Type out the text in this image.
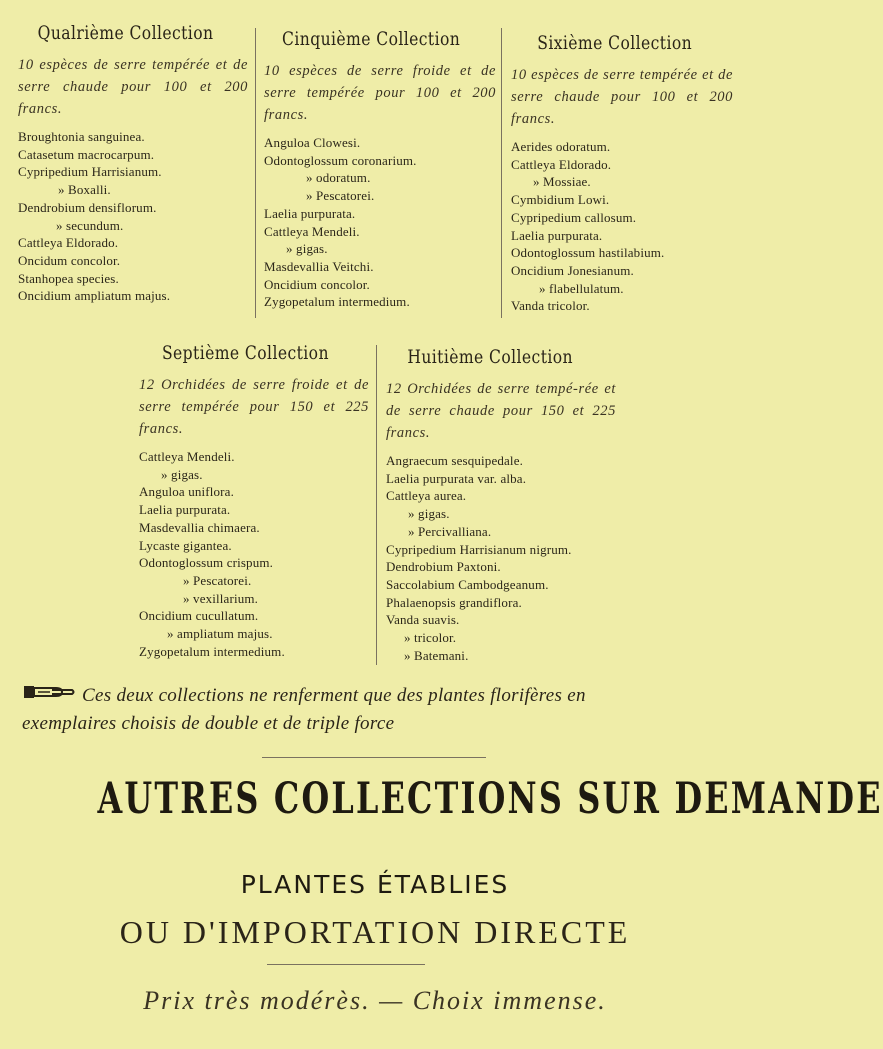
Qualrième Collection
10 espèces de serre tempérée et de serre chaude pour 100 et 200 francs.
Broughtonia sanguinea.
Catasetum macrocarpum.
Cypripedium Harrisianum.
» Boxalli.
Dendrobium densiflorum.
» secundum.
Cattleya Eldorado.
Oncidum concolor.
Stanhopea species.
Oncidium ampliatum majus.
Cinquième Collection
10 espèces de serre froide et de serre tempérée pour 100 et 200 francs.
Anguloa Clowesi.
Odontoglossum coronarium.
» odoratum.
» Pescatorei.
Laelia purpurata.
Cattleya Mendeli.
» gigas.
Masdevallia Veitchi.
Oncidium concolor.
Zygopetalum intermedium.
Sixième Collection
10 espèces de serre tempérée et de serre chaude pour 100 et 200 francs.
Aerides odoratum.
Cattleya Eldorado.
» Mossiae.
Cymbidium Lowi.
Cypripedium callosum.
Laelia purpurata.
Odontoglossum hastilabium.
Oncidium Jonesianum.
» flabellulatum.
Vanda tricolor.
Septième Collection
12 Orchidées de serre froide et de serre tempérée pour 150 et 225 francs.
Cattleya Mendeli.
» gigas.
Anguloa uniflora.
Laelia purpurata.
Masdevallia chimaera.
Lycaste gigantea.
Odontoglossum crispum.
» Pescatorei.
» vexillarium.
Oncidium cucullatum.
» ampliatum majus.
Zygopetalum intermedium.
Huitième Collection
12 Orchidées de serre tempé-rée et de serre chaude pour 150 et 225 francs.
Angraecum sesquipedale.
Laelia purpurata var. alba.
Cattleya aurea.
» gigas.
» Percivalliana.
Cypripedium Harrisianum nigrum.
Dendrobium Paxtoni.
Saccolabium Cambodgeanum.
Phalaenopsis grandiflora.
Vanda suavis.
» tricolor.
» Batemani.
Ces deux collections ne renferment que des plantes florifères en
exemplaires choisis de double et de triple force
AUTRES COLLECTIONS SUR DEMANDE
PLANTES ÉTABLIES
OU D'IMPORTATION DIRECTE
Prix très modérès. — Choix immense.
